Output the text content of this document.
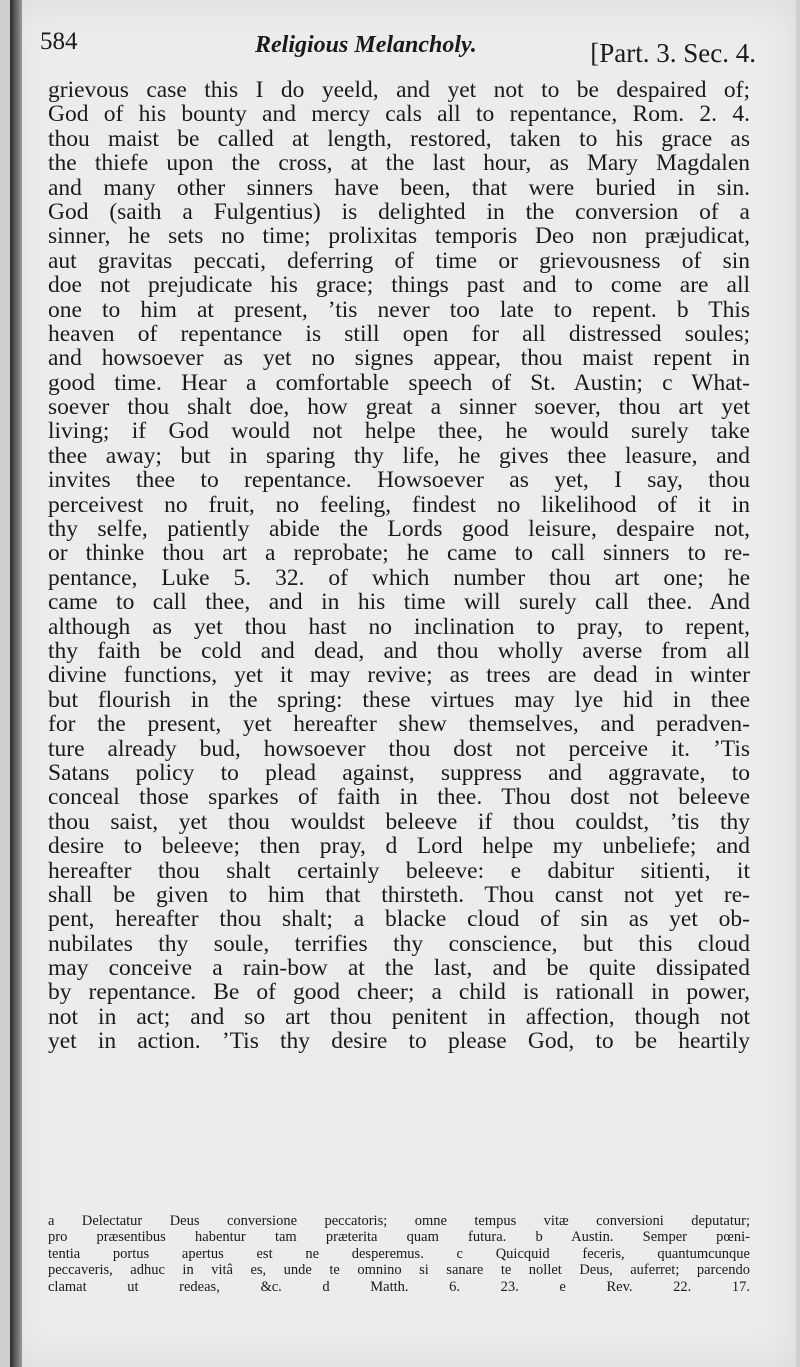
584	Religious Melancholy.	[Part. 3. Sec. 4.
grievous case this I do yeeld, and yet not to be despaired of;
God of his bounty and mercy cals all to repentance, Rom. 2. 4.
thou maist be called at length, restored, taken to his grace as
the thiefe upon the cross, at the last hour, as Mary Magdalen
and many other sinners have been, that were buried in sin.
God (saith a Fulgentius) is delighted in the conversion of a
sinner, he sets no time; prolixitas temporis Deo non præjudicat,
aut gravitas peccati, deferring of time or grievousness of sin
doe not prejudicate his grace; things past and to come are all
one to him at present, ’tis never too late to repent. b This
heaven of repentance is still open for all distressed soules;
and howsoever as yet no signes appear, thou maist repent in
good time. Hear a comfortable speech of St. Austin; c What-
soever thou shalt doe, how great a sinner soever, thou art yet
living; if God would not helpe thee, he would surely take
thee away; but in sparing thy life, he gives thee leasure, and
invites thee to repentance. Howsoever as yet, I say, thou
perceivest no fruit, no feeling, findest no likelihood of it in
thy selfe, patiently abide the Lords good leisure, despaire not,
or thinke thou art a reprobate; he came to call sinners to re-
pentance, Luke 5. 32. of which number thou art one; he
came to call thee, and in his time will surely call thee. And
although as yet thou hast no inclination to pray, to repent,
thy faith be cold and dead, and thou wholly averse from all
divine functions, yet it may revive; as trees are dead in winter
but flourish in the spring: these virtues may lye hid in thee
for the present, yet hereafter shew themselves, and peradven-
ture already bud, howsoever thou dost not perceive it. ’Tis
Satans policy to plead against, suppress and aggravate, to
conceal those sparkes of faith in thee. Thou dost not beleeve
thou saist, yet thou wouldst beleeve if thou couldst, ’tis thy
desire to beleeve; then pray, d Lord helpe my unbeliefe; and
hereafter thou shalt certainly beleeve: e dabitur sitienti, it
shall be given to him that thirsteth. Thou canst not yet re-
pent, hereafter thou shalt; a blacke cloud of sin as yet ob-
nubilates thy soule, terrifies thy conscience, but this cloud
may conceive a rain-bow at the last, and be quite dissipated
by repentance. Be of good cheer; a child is rationall in power,
not in act; and so art thou penitent in affection, though not
yet in action. ’Tis thy desire to please God, to be heartily
a Delectatur Deus conversione peccatoris; omne tempus vitæ conversioni deputatur;
pro præsentibus habentur tam præterita quam futura. b Austin. Semper pœni-
tentia portus apertus est ne desperemus. c Quicquid feceris, quantumcunque
peccaveris, adhuc in vitâ es, unde te omnino si sanare te nollet Deus, auferret; parcendo
clamat ut redeas, &c. d Matth. 6. 23. e Rev. 22. 17.
